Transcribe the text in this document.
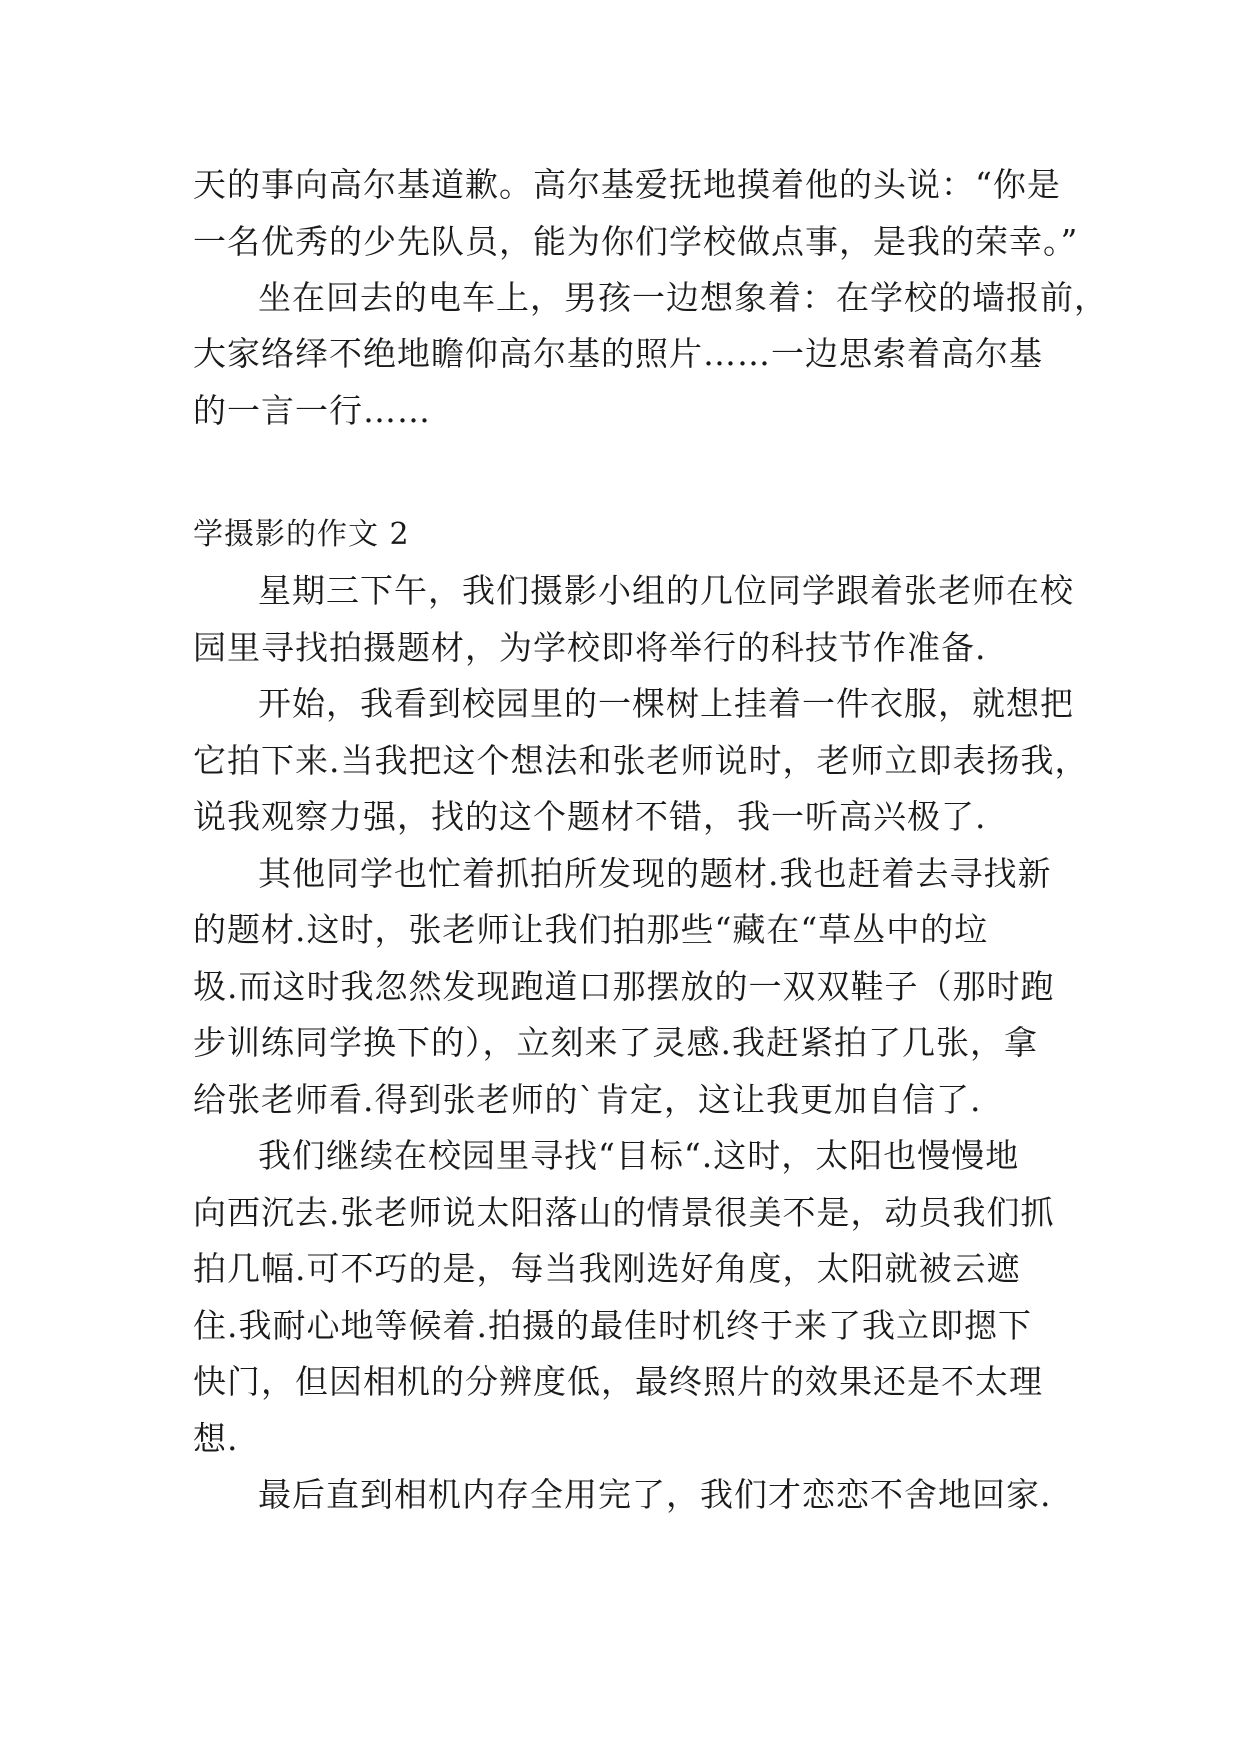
天的事向高尔基道歉。高尔基爱抚地摸着他的头说：“你是
一名优秀的少先队员，能为你们学校做点事，是我的荣幸。”
坐在回去的电车上，男孩一边想象着：在学校的墙报前，
大家络绎不绝地瞻仰高尔基的照片……一边思索着高尔基
的一言一行……
学摄影的作文 2
星期三下午，我们摄影小组的几位同学跟着张老师在校
园里寻找拍摄题材，为学校即将举行的科技节作准备.
开始，我看到校园里的一棵树上挂着一件衣服，就想把
它拍下来.当我把这个想法和张老师说时，老师立即表扬我，
说我观察力强，找的这个题材不错，我一听高兴极了.
其他同学也忙着抓拍所发现的题材.我也赶着去寻找新
的题材.这时，张老师让我们拍那些“藏在“草丛中的垃
圾.而这时我忽然发现跑道口那摆放的一双双鞋子（那时跑
步训练同学换下的），立刻来了灵感.我赶紧拍了几张，拿
给张老师看.得到张老师的`肯定，这让我更加自信了.
我们继续在校园里寻找“目标“.这时，太阳也慢慢地
向西沉去.张老师说太阳落山的情景很美不是，动员我们抓
拍几幅.可不巧的是，每当我刚选好角度，太阳就被云遮
住.我耐心地等候着.拍摄的最佳时机终于来了我立即摁下
快门，但因相机的分辨度低，最终照片的效果还是不太理
想.
最后直到相机内存全用完了，我们才恋恋不舍地回家.
